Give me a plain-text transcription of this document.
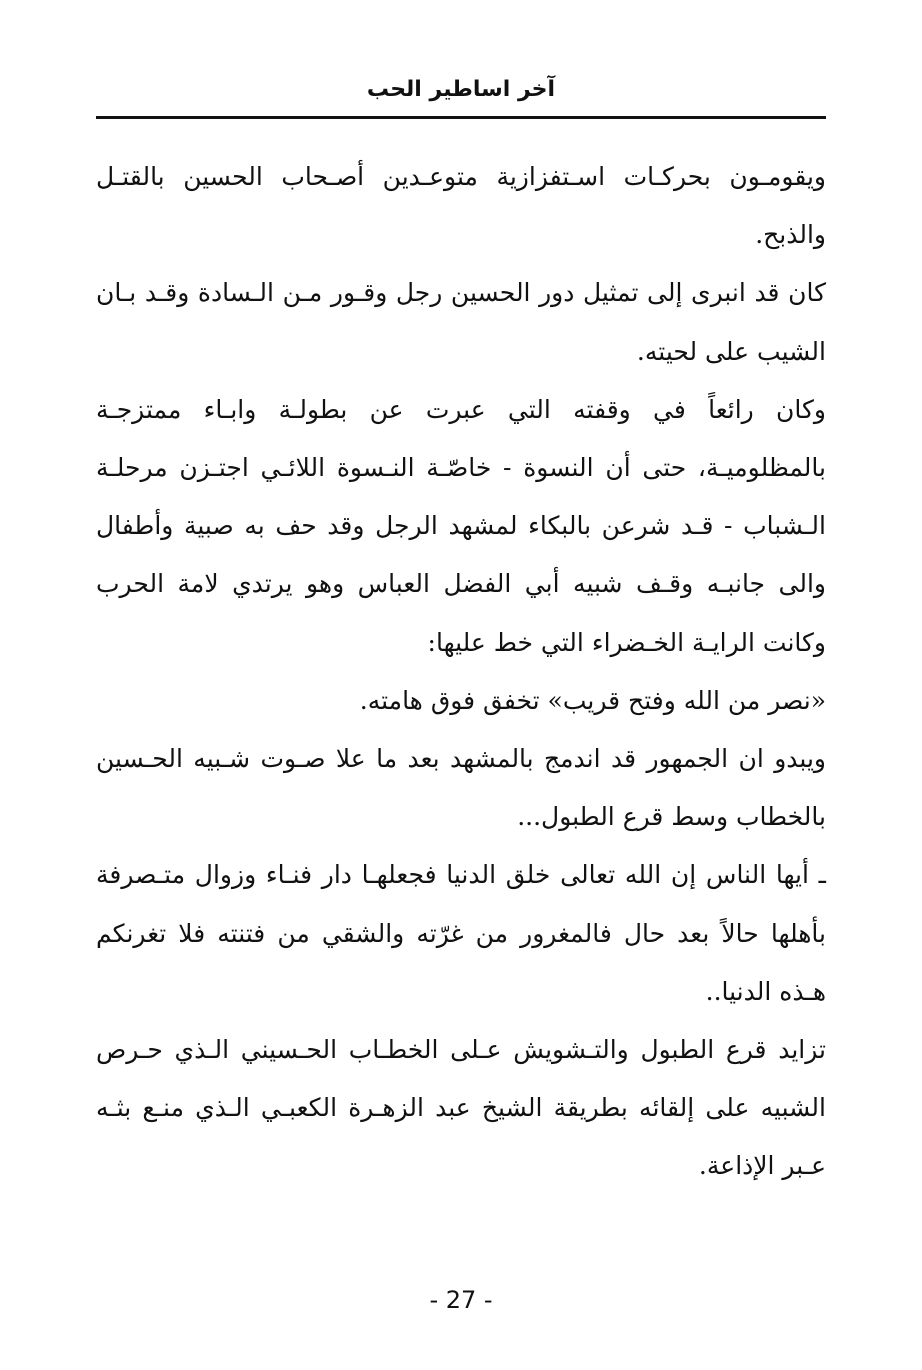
آخر اساطير الحب

ويقومـون بحركـات اسـتفزازية متوعـدين أصـحاب الحسين بالقتـل والذبح.

كان قد انبرى إلى تمثيل دور الحسين رجل وقـور مـن الـسادة وقـد بـان الشيب على لحيته.

وكان رائعاً في وقفته التي عبرت عن بطولـة وابـاء ممتزجـة بالمظلوميـة، حتى أن النسوة - خاصّـة النـسوة اللائـي اجتـزن مرحلـة الـشباب - قـد شرعن بالبكاء لمشهد الرجل وقد حف به صبية وأطفال والى جانبـه وقـف شبيه أبي الفضل العباس وهو يرتدي لامة الحرب وكانت الرايـة الخـضراء التي خط عليها:

«نصر من الله وفتح قريب» تخفق فوق هامته.

ويبدو ان الجمهور قد اندمج بالمشهد بعد ما علا صـوت شـبيه الحـسين بالخطاب وسط قرع الطبول...

ـ أيها الناس إن الله تعالى خلق الدنيا فجعلهـا دار فنـاء وزوال متـصرفة بأهلها حالاً بعد حال فالمغرور من غرّته والشقي من فتنته فلا تغرنكم هـذه الدنيا..

تزايد قرع الطبول والتـشويش عـلى الخطـاب الحـسيني الـذي حـرص الشبيه على إلقائه بطريقة الشيخ عبد الزهـرة الكعبـي الـذي منـع بثـه عـبر الإذاعة.

- 27 -
